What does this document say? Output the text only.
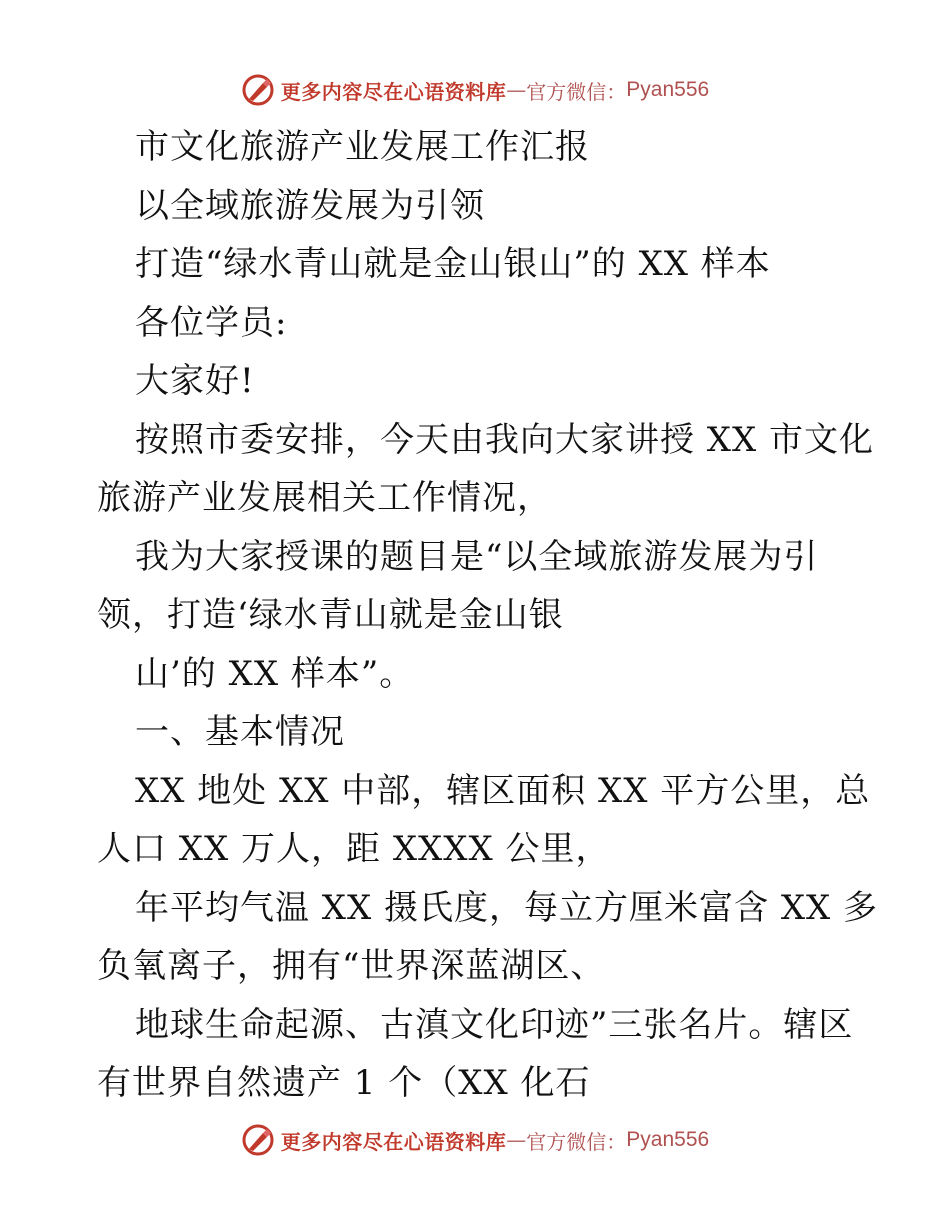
更多内容尽在心语资料库 — 官方微信： Pyan556
市文化旅游产业发展工作汇报
以全域旅游发展为引领
打造“绿水青山就是金山银山”的 XX 样本
各位学员:
大家好!
按照市委安排，今天由我向大家讲授 XX 市文化
旅游产业发展相关工作情况，
我为大家授课的题目是“以全域旅游发展为引
领，打造‘绿水青山就是金山银
山’的 XX 样本”。
一、基本情况
XX 地处 XX 中部，辖区面积 XX 平方公里，总
人口 XX 万人，距 XXXX 公里，
年平均气温 XX 摄氏度，每立方厘米富含 XX 多
负氧离子，拥有“世界深蓝湖区、
地球生命起源、古滇文化印迹”三张名片。辖区
有世界自然遗产 1 个（XX 化石
更多内容尽在心语资料库 — 官方微信： Pyan556
